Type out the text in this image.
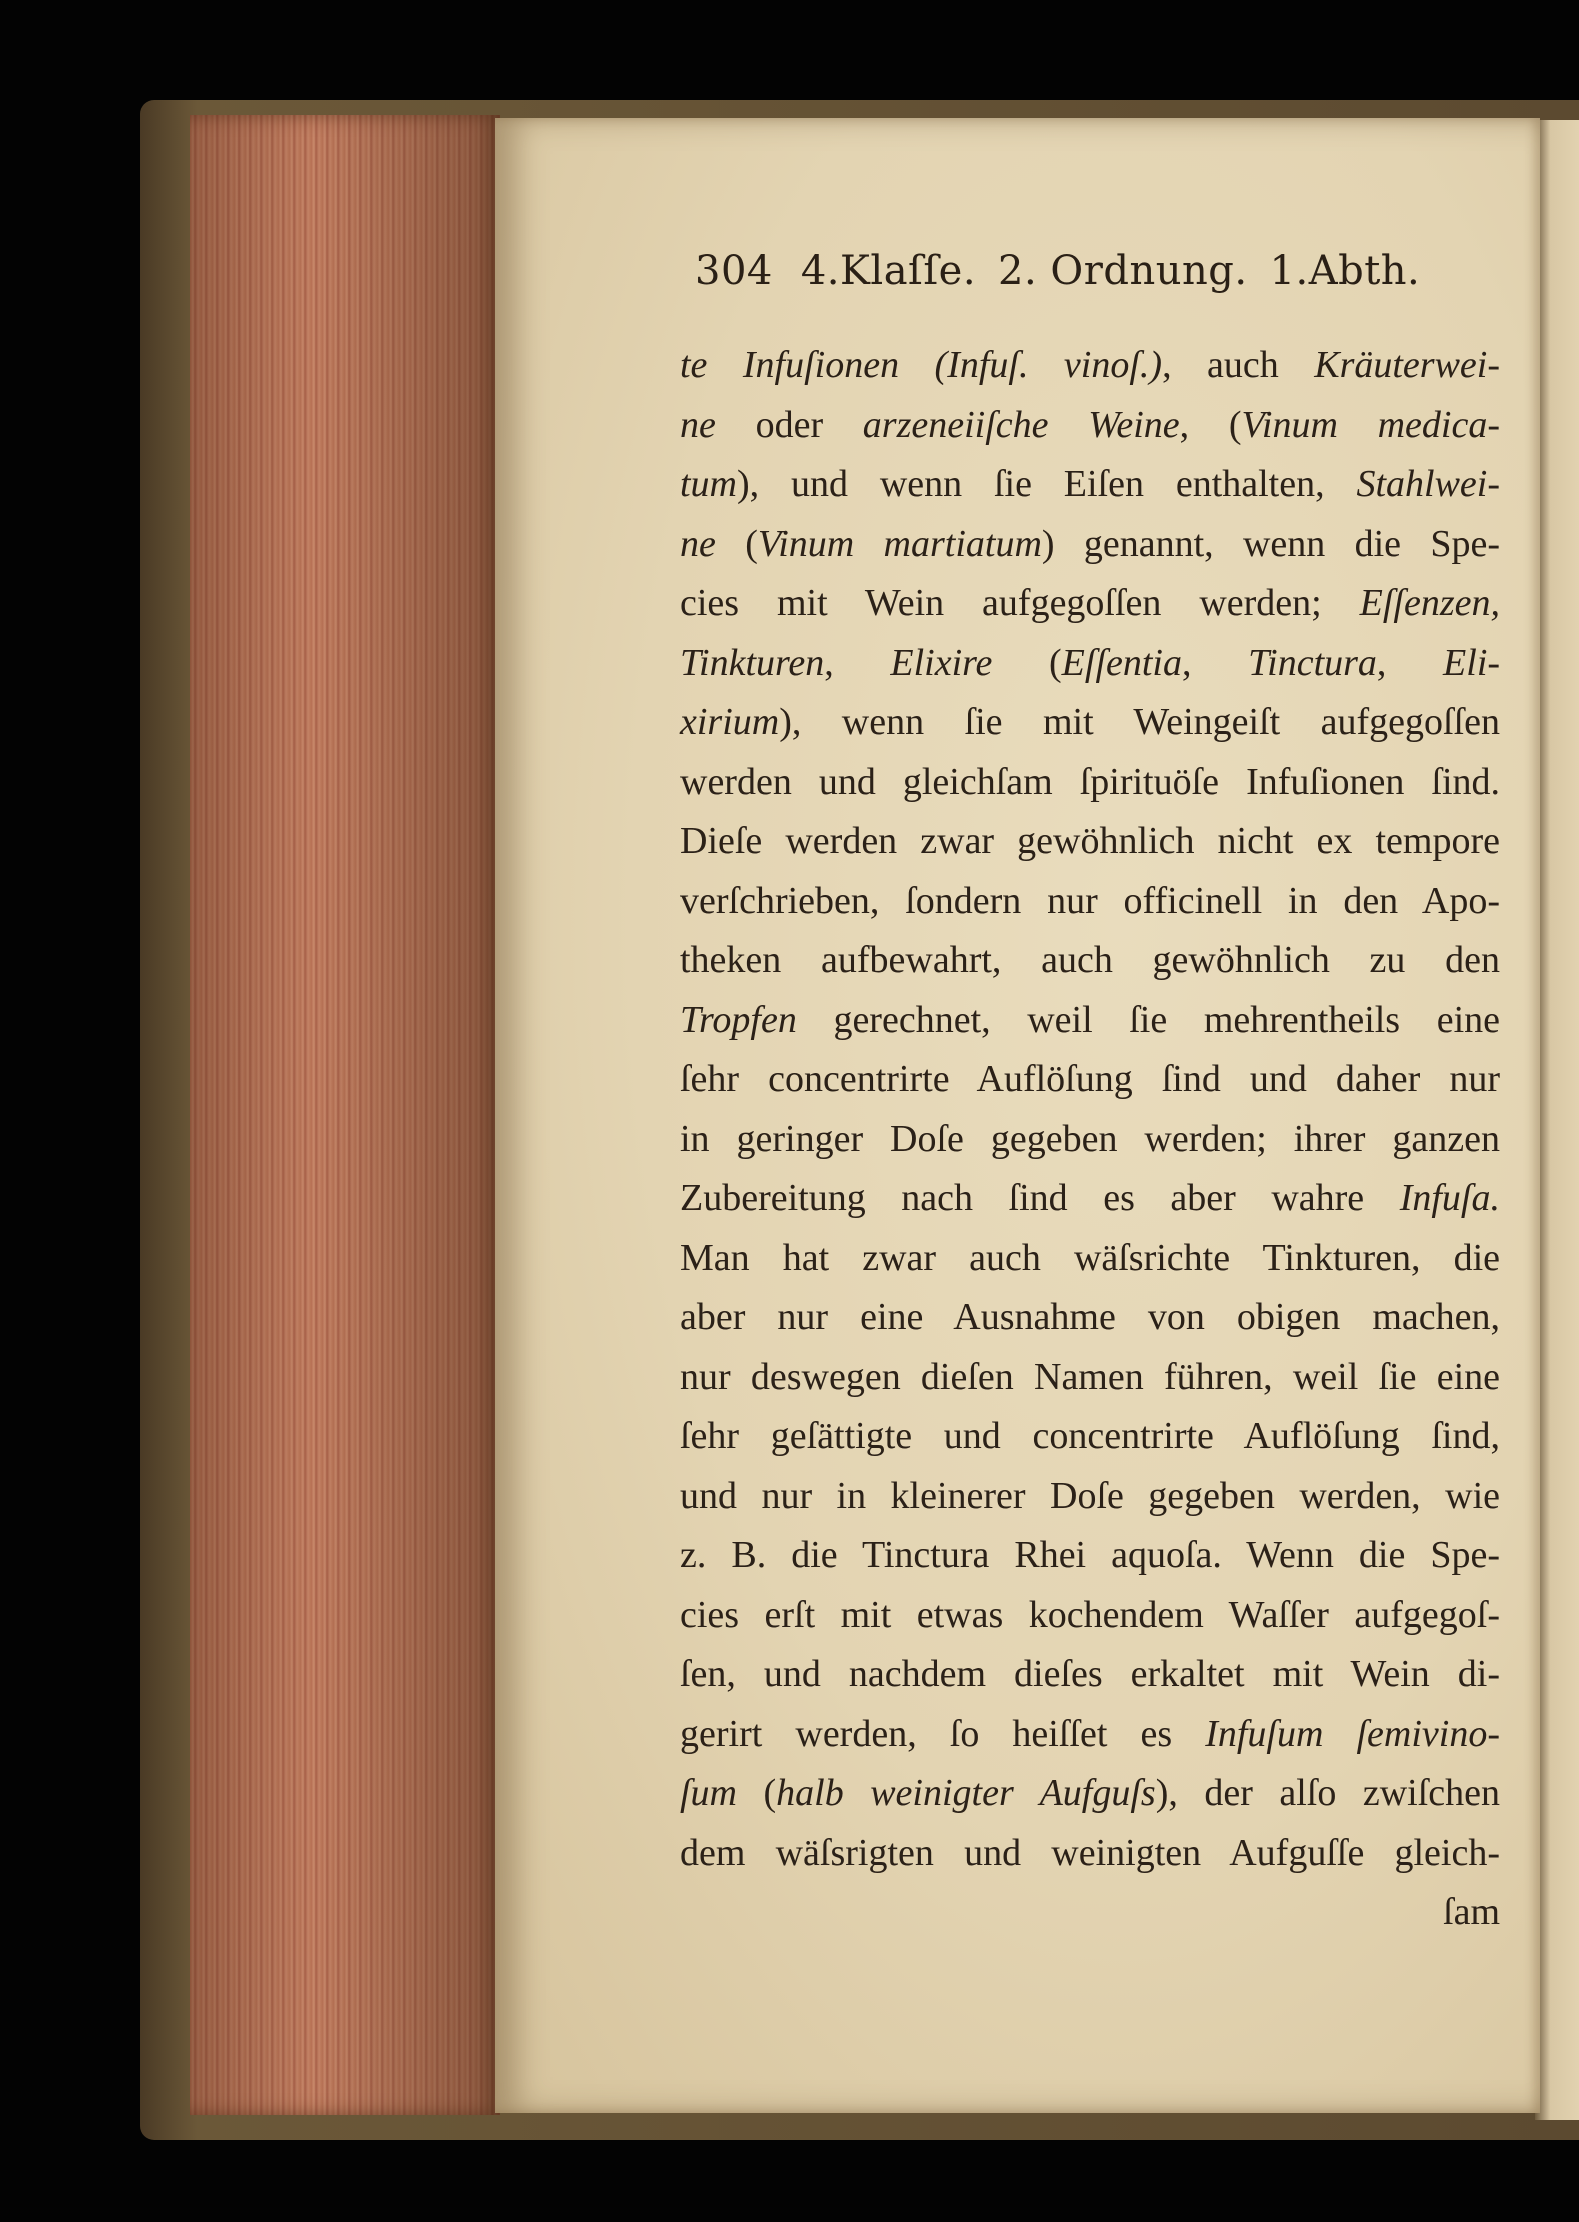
304 4.Klaſſe. 2. Ordnung. 1.Abth.
te Infuſionen (Infuſ. vinoſ.), auch Kräuterwei-
ne oder arzeneiiſche Weine, (Vinum medica-
tum), und wenn ſie Eiſen enthalten, Stahlwei-
ne (Vinum martiatum) genannt, wenn die Spe-
cies mit Wein aufgegoſſen werden; Eſſenzen,
Tinkturen, Elixire (Eſſentia, Tinctura, Eli-
xirium), wenn ſie mit Weingeiſt aufgegoſſen
werden und gleichſam ſpirituöſe Infuſionen ſind.
Dieſe werden zwar gewöhnlich nicht ex tempore
verſchrieben, ſondern nur officinell in den Apo-
theken aufbewahrt, auch gewöhnlich zu den
Tropfen gerechnet, weil ſie mehrentheils eine
ſehr concentrirte Auflöſung ſind und daher nur
in geringer Doſe gegeben werden; ihrer ganzen
Zubereitung nach ſind es aber wahre Infuſa.
Man hat zwar auch wäſsrichte Tinkturen, die
aber nur eine Ausnahme von obigen machen,
nur deswegen dieſen Namen führen, weil ſie eine
ſehr geſättigte und concentrirte Auflöſung ſind,
und nur in kleinerer Doſe gegeben werden, wie
z. B. die Tinctura Rhei aquoſa. Wenn die Spe-
cies erſt mit etwas kochendem Waſſer aufgegoſ-
ſen, und nachdem dieſes erkaltet mit Wein di-
gerirt werden, ſo heiſſet es Infuſum ſemivino-
ſum (halb weinigter Aufguſs), der alſo zwiſchen
dem wäſsrigten und weinigten Aufguſſe gleich-
ſam
